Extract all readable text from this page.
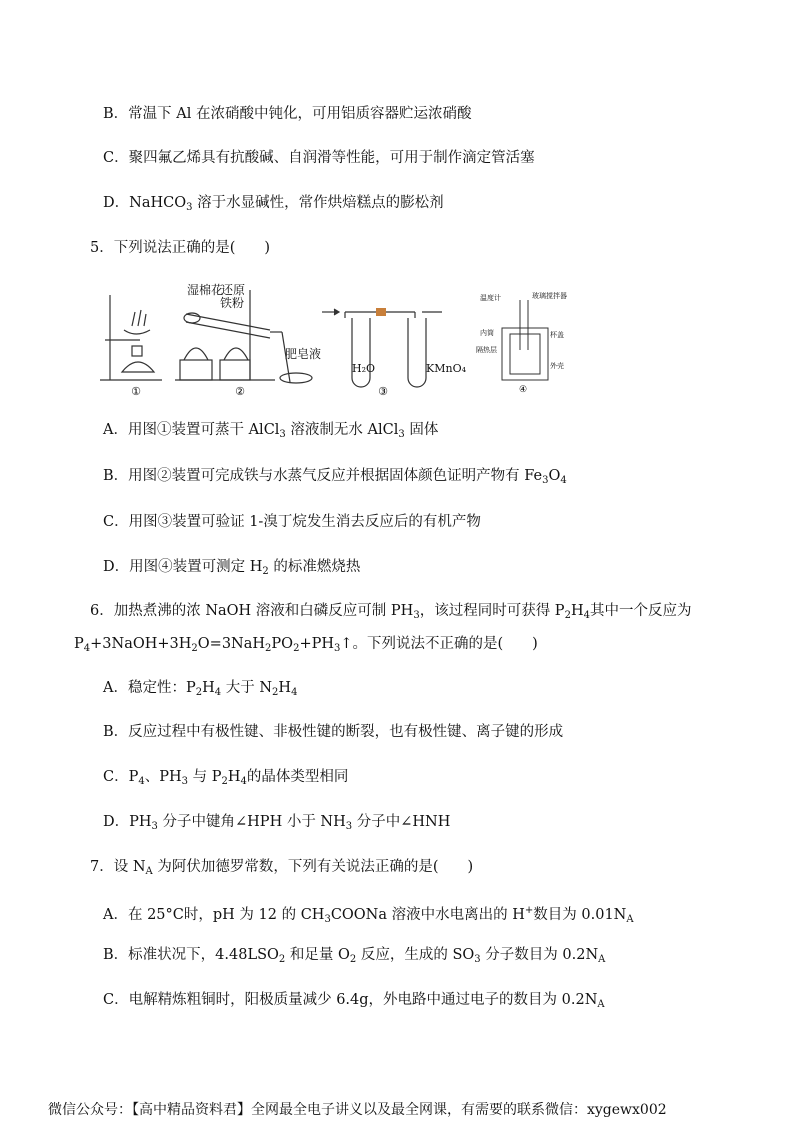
B．常温下 Al 在浓硝酸中钝化，可用铝质容器贮运浓硝酸
C．聚四氟乙烯具有抗酸碱、自润滑等性能，可用于制作滴定管活塞
D．NaHCO$_3$ 溶于水显碱性，常作烘焙糕点的膨松剂
5．下列说法正确的是(　　)
①
湿棉花
还原
铁粉
肥皂液
②
H₂O	KMnO₄
③
温度计	玻璃搅拌器
内筒	杯盖
隔热层
外壳
④
A．用图①装置可蒸干 AlCl$_3$ 溶液制无水 AlCl$_3$ 固体
B．用图②装置可完成铁与水蒸气反应并根据固体颜色证明产物有 $Fe_3O_4$
C．用图③装置可验证 1-溴丁烷发生消去反应后的有机产物
D．用图④装置可测定 $H_2$ 的标准燃烧热
6．加热煮沸的浓 NaOH 溶液和白磷反应可制 $PH_3$，该过程同时可获得 $P_2H_4$其中一个反应为
$P_4+3NaOH+3H_2O=3NaH_2PO_2+PH_3↑$。下列说法不正确的是(　　)
A．稳定性：$P_2H_4$ 大于 $N_2H_4$
B．反应过程中有极性键、非极性键的断裂，也有极性键、离子键的形成
C．$P_4$、$PH_3$ 与 $P_2H_4$的晶体类型相同
D．$PH_3$ 分子中键角∠HPH 小于 $NH_3$ 分子中∠HNH
7．设 $N_A$ 为阿伏加德罗常数，下列有关说法正确的是(　　)
A．在 25°C时，pH 为 12 的 $CH_3COONa$ 溶液中水电离出的 H+数目为 $0.01N_A$
B．标准状况下，$4.48LSO_2$ 和足量 $O_2$ 反应，生成的 $SO_3$ 分子数目为 $0.2N_A$
C．电解精炼粗铜时，阳极质量减少 6.4g，外电路中通过电子的数目为 $0.2N_A$
微信公众号：【高中精品资料君】全网最全电子讲义以及最全网课，有需要的联系微信：xygewx002
